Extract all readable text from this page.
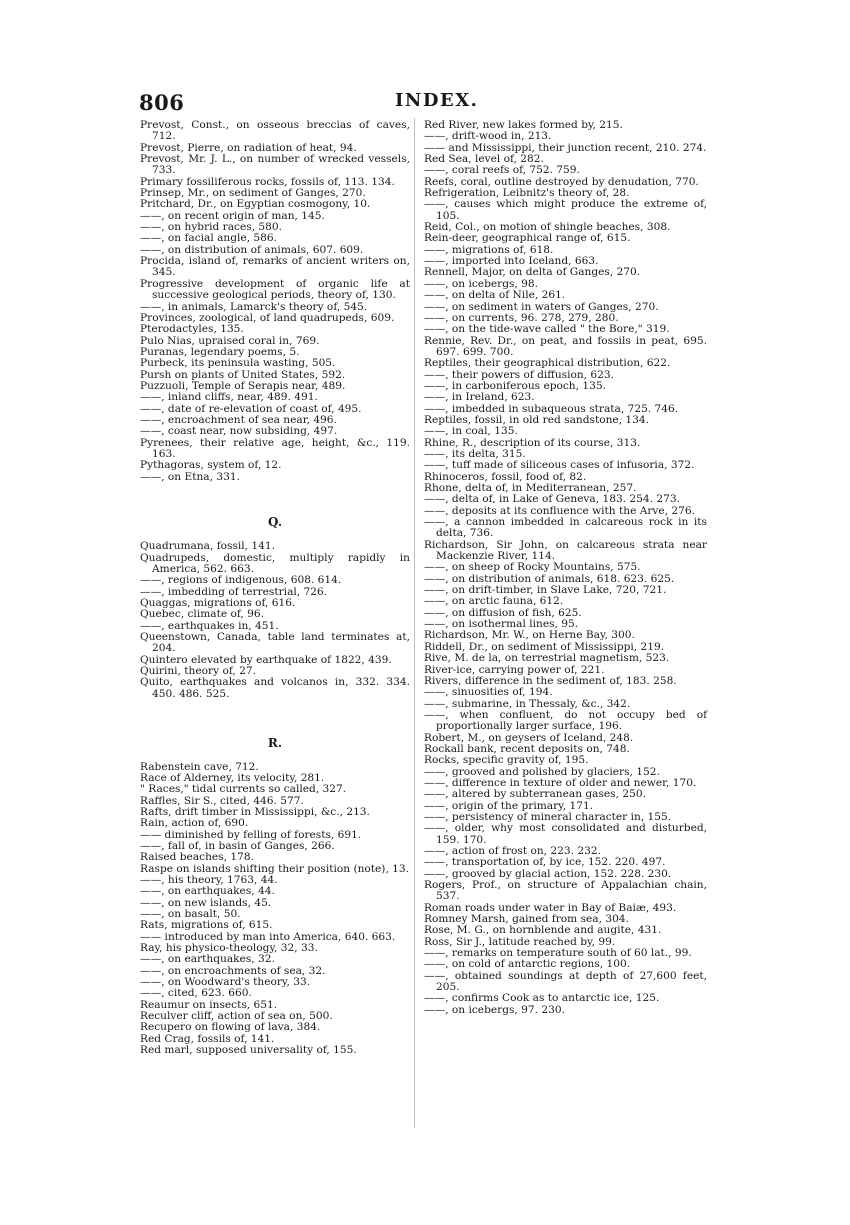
806	INDEX.
Prevost, Const., on osseous breccias of caves, 712.
Prevost, Pierre, on radiation of heat, 94.
Prevost, Mr. J. L., on number of wrecked vessels, 733.
Primary fossiliferous rocks, fossils of, 113. 134.
Prinsep, Mr., on sediment of Ganges, 270.
Pritchard, Dr., on Egyptian cosmogony, 10.
——, on recent origin of man, 145.
——, on hybrid races, 580.
——, on facial angle, 586.
——, on distribution of animals, 607. 609.
Procida, island of, remarks of ancient writers on, 345.
Progressive development of organic life at successive geological periods, theory of, 130.
——, in animals, Lamarck's theory of, 545.
Provinces, zoological, of land quadrupeds, 609.
Pterodactyles, 135.
Pulo Nias, upraised coral in, 769.
Puranas, legendary poems, 5.
Purbeck, its peninsula wasting, 505.
Pursh on plants of United States, 592.
Puzzuoli, Temple of Serapis near, 489.
——, inland cliffs, near, 489. 491.
——, date of re-elevation of coast of, 495.
——, encroachment of sea near, 496.
——, coast near, now subsiding, 497.
Pyrenees, their relative age, height, &c., 119. 163.
Pythagoras, system of, 12.
——, on Etna, 331.
Q.
Quadrumana, fossil, 141.
Quadrupeds, domestic, multiply rapidly in America, 562. 663.
——, regions of indigenous, 608. 614.
——, imbedding of terrestrial, 726.
Quaggas, migrations of, 616.
Quebec, climate of, 96.
——, earthquakes in, 451.
Queenstown, Canada, table land terminates at, 204.
Quintero elevated by earthquake of 1822, 439.
Quirini, theory of, 27.
Quito, earthquakes and volcanos in, 332. 334. 450. 486. 525.
R.
Rabenstein cave, 712.
Race of Alderney, its velocity, 281.
" Races," tidal currents so called, 327.
Raffles, Sir S., cited, 446. 577.
Rafts, drift timber in Mississippi, &c., 213.
Rain, action of, 690.
—— diminished by felling of forests, 691.
——, fall of, in basin of Ganges, 266.
Raised beaches, 178.
Raspe on islands shifting their position (note), 13.
——, his theory, 1763, 44.
——, on earthquakes, 44.
——, on new islands, 45.
——, on basalt, 50.
Rats, migrations of, 615.
—— introduced by man into America, 640. 663.
Ray, his physico-theology, 32, 33.
——, on earthquakes, 32.
——, on encroachments of sea, 32.
——, on Woodward's theory, 33.
——, cited, 623. 660.
Reaumur on insects, 651.
Reculver cliff, action of sea on, 500.
Recupero on flowing of lava, 384.
Red Crag, fossils of, 141.
Red marl, supposed universality of, 155.
Red River, new lakes formed by, 215.
——, drift-wood in, 213.
—— and Mississippi, their junction recent, 210. 274.
Red Sea, level of, 282.
——, coral reefs of, 752. 759.
Reefs, coral, outline destroyed by denudation, 770.
Refrigeration, Leibnitz's theory of, 28.
——, causes which might produce the extreme of, 105.
Reid, Col., on motion of shingle beaches, 308.
Rein-deer, geographical range of, 615.
——, migrations of, 618.
——, imported into Iceland, 663.
Rennell, Major, on delta of Ganges, 270.
——, on icebergs, 98.
——, on delta of Nile, 261.
——, on sediment in waters of Ganges, 270.
——, on currents, 96. 278, 279, 280.
——, on the tide-wave called " the Bore," 319.
Rennie, Rev. Dr., on peat, and fossils in peat, 695. 697. 699. 700.
Reptiles, their geographical distribution, 622.
——, their powers of diffusion, 623.
——, in carboniferous epoch, 135.
——, in Ireland, 623.
——, imbedded in subaqueous strata, 725. 746.
Reptiles, fossil, in old red sandstone, 134.
——, in coal, 135.
Rhine, R., description of its course, 313.
——, its delta, 315.
——, tuff made of siliceous cases of infusoria, 372.
Rhinoceros, fossil, food of, 82.
Rhone, delta of, in Mediterranean, 257.
——, delta of, in Lake of Geneva, 183. 254. 273.
——, deposits at its confluence with the Arve, 276.
——, a cannon imbedded in calcareous rock in its delta, 736.
Richardson, Sir John, on calcareous strata near Mackenzie River, 114.
——, on sheep of Rocky Mountains, 575.
——, on distribution of animals, 618. 623. 625.
——, on drift-timber, in Slave Lake, 720, 721.
——, on arctic fauna, 612.
——, on diffusion of fish, 625.
——, on isothermal lines, 95.
Richardson, Mr. W., on Herne Bay, 300.
Riddell, Dr., on sediment of Mississippi, 219.
Rive, M. de la, on terrestrial magnetism, 523.
River-ice, carrying power of, 221.
Rivers, difference in the sediment of, 183. 258.
——, sinuosities of, 194.
——, submarine, in Thessaly, &c., 342.
——, when confluent, do not occupy bed of proportionally larger surface, 196.
Robert, M., on geysers of Iceland, 248.
Rockall bank, recent deposits on, 748.
Rocks, specific gravity of, 195.
——, grooved and polished by glaciers, 152.
——, difference in texture of older and newer, 170.
——, altered by subterranean gases, 250.
——, origin of the primary, 171.
——, persistency of mineral character in, 155.
——, older, why most consolidated and disturbed, 159. 170.
——, action of frost on, 223. 232.
——, transportation of, by ice, 152. 220. 497.
——, grooved by glacial action, 152. 228. 230.
Rogers, Prof., on structure of Appalachian chain, 537.
Roman roads under water in Bay of Baiæ, 493.
Romney Marsh, gained from sea, 304.
Rose, M. G., on hornblende and augite, 431.
Ross, Sir J., latitude reached by, 99.
——, remarks on temperature south of 60 lat., 99.
——, on cold of antarctic regions, 100.
——, obtained soundings at depth of 27,600 feet, 205.
——, confirms Cook as to antarctic ice, 125.
——, on icebergs, 97. 230.
